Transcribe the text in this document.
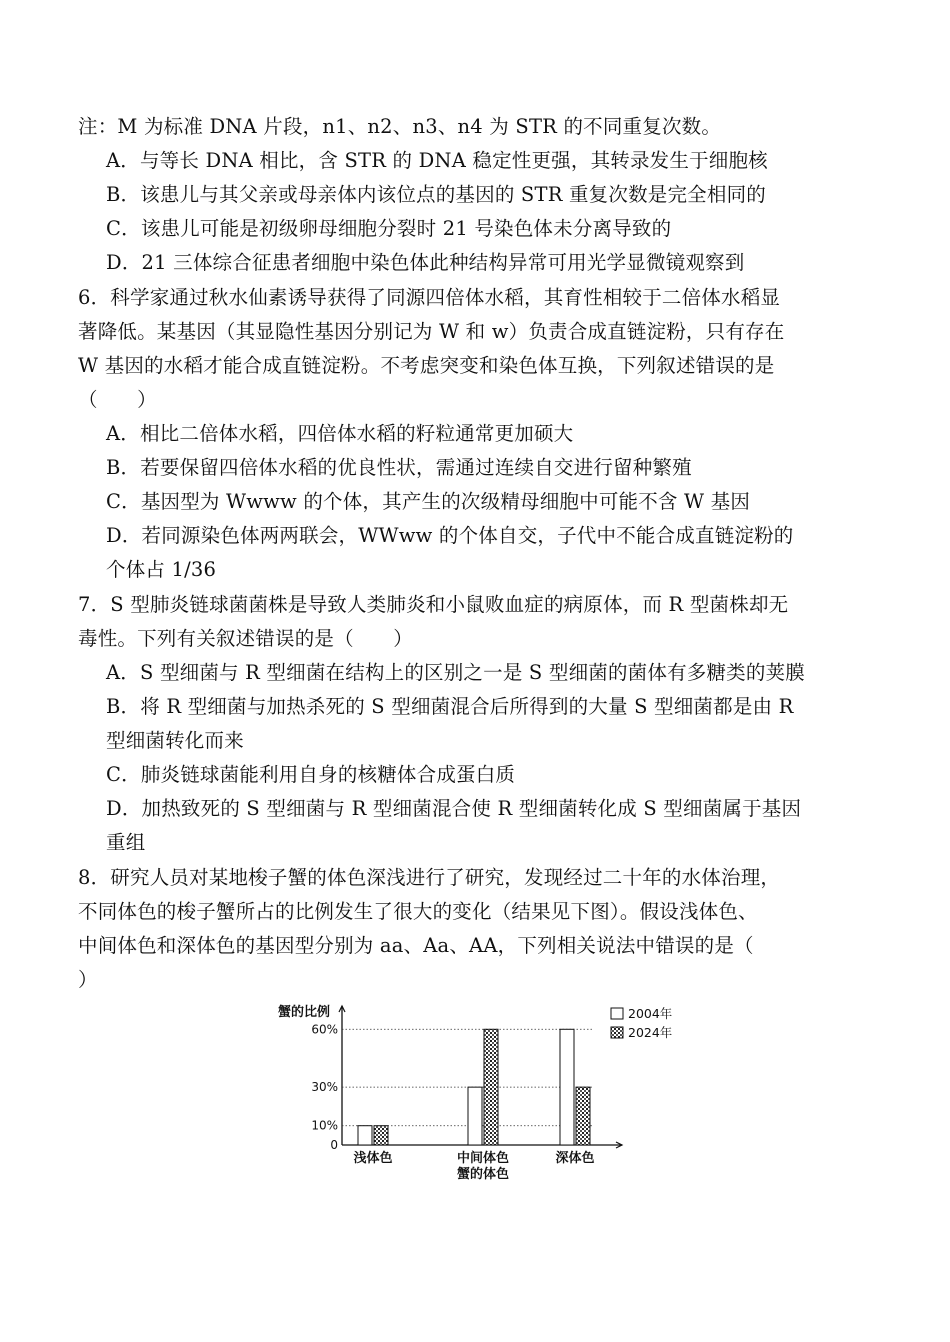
注：M 为标准 DNA 片段，n1、n2、n3、n4 为 STR 的不同重复次数。
A．与等长 DNA 相比，含 STR 的 DNA 稳定性更强，其转录发生于细胞核
B．该患儿与其父亲或母亲体内该位点的基因的 STR 重复次数是完全相同的
C．该患儿可能是初级卵母细胞分裂时 21 号染色体未分离导致的
D．21 三体综合征患者细胞中染色体此种结构异常可用光学显微镜观察到
6．科学家通过秋水仙素诱导获得了同源四倍体水稻，其育性相较于二倍体水稻显
著降低。某基因（其显隐性基因分别记为 W 和 w）负责合成直链淀粉，只有存在
W 基因的水稻才能合成直链淀粉。不考虑突变和染色体互换，下列叙述错误的是
（　　）
A．相比二倍体水稻，四倍体水稻的籽粒通常更加硕大
B．若要保留四倍体水稻的优良性状，需通过连续自交进行留种繁殖
C．基因型为 Wwww 的个体，其产生的次级精母细胞中可能不含 W 基因
D．若同源染色体两两联会，WWww 的个体自交，子代中不能合成直链淀粉的
个体占 1/36
7．S 型肺炎链球菌菌株是导致人类肺炎和小鼠败血症的病原体，而 R 型菌株却无
毒性。下列有关叙述错误的是（　　）
A．S 型细菌与 R 型细菌在结构上的区别之一是 S 型细菌的菌体有多糖类的荚膜
B．将 R 型细菌与加热杀死的 S 型细菌混合后所得到的大量 S 型细菌都是由 R
型细菌转化而来
C．肺炎链球菌能利用自身的核糖体合成蛋白质
D．加热致死的 S 型细菌与 R 型细菌混合使 R 型细菌转化成 S 型细菌属于基因
重组
8．研究人员对某地梭子蟹的体色深浅进行了研究，发现经过二十年的水体治理，
不同体色的梭子蟹所占的比例发生了很大的变化（结果见下图）。假设浅体色、
中间体色和深体色的基因型分别为 aa、Aa、AA，下列相关说法中错误的是（
）
蟹的比例
60%
30%
10%
0
浅体色	中间体色	深体色
蟹的体色
2004年
2024年
